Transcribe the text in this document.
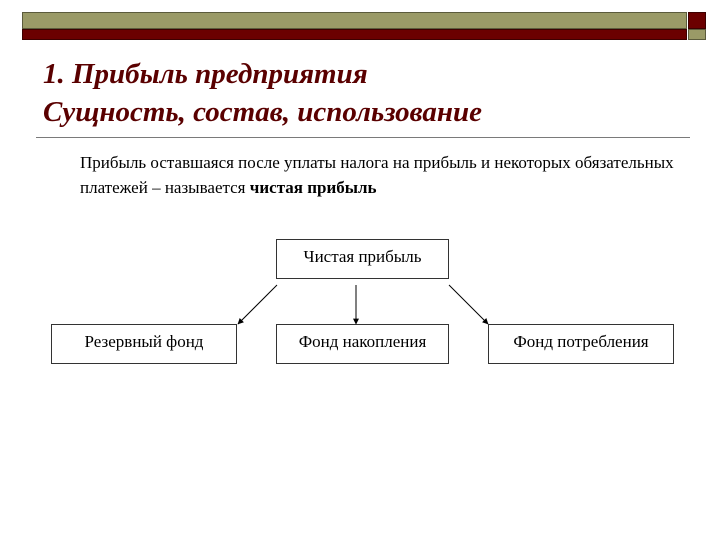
1. Прибыль предприятия
Сущность, состав, использование

Прибыль оставшаяся после уплаты налога на прибыль и некоторых обязательных платежей – называется чистая прибыль

Чистая прибыль
Резервный фонд	Фонд накопления	Фонд потребления
